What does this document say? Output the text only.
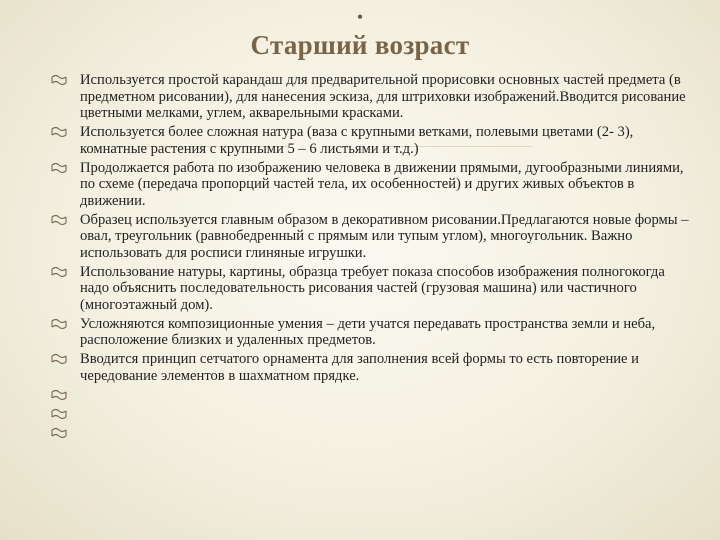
•
Старший возраст
Используется простой карандаш для предварительной прорисовки основных частей предмета (в предметном рисовании), для нанесения эскиза, для штриховки изображений.Вводится рисование цветными мелками, углем, акварельными красками.
Используется более сложная натура (ваза с крупными ветками, полевыми цветами (2- 3), комнатные растения с крупными 5 – 6 листьями и т.д.)
Продолжается работа по изображению человека в движении прямыми, дугообразными линиями, по схеме (передача пропорций частей тела, их особенностей) и других живых объектов в движении.
Образец используется главным образом в декоративном рисовании.Предлагаются новые формы – овал, треугольник (равнобедренный с прямым или тупым углом), многоугольник. Важно использовать для росписи глиняные игрушки.
Использование натуры, картины, образца требует показа способов изображения полногокогда надо объяснить последовательность рисования частей (грузовая машина) или частичного (многоэтажный дом).
Усложняются композиционные умения – дети учатся передавать пространства земли и неба, расположение близких и удаленных предметов.
Вводится принцип сетчатого орнамента для заполнения всей формы то есть повторение и чередование элементов в шахматном прядке.
